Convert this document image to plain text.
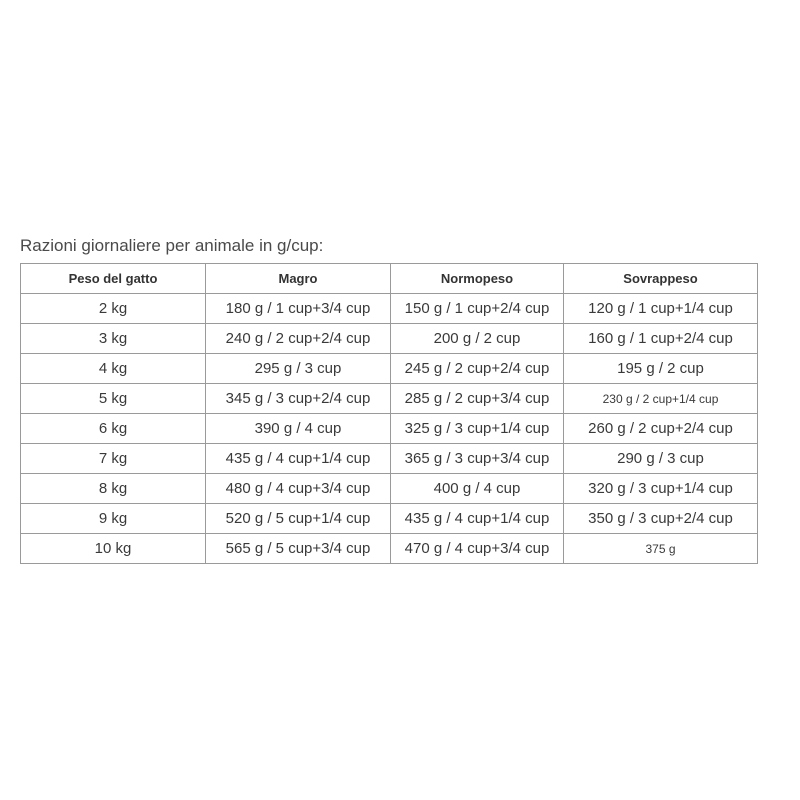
Razioni giornaliere per animale in g/cup:
Peso del gatto	Magro	Normopeso	Sovrappeso
2 kg	180 g / 1 cup+3/4 cup	150 g / 1 cup+2/4 cup	120 g / 1 cup+1/4 cup
3 kg	240 g / 2 cup+2/4 cup	200 g / 2 cup	160 g / 1 cup+2/4 cup
4 kg	295 g / 3 cup	245 g / 2 cup+2/4 cup	195 g / 2 cup
5 kg	345 g / 3 cup+2/4 cup	285 g / 2 cup+3/4 cup	230 g / 2 cup+1/4 cup
6 kg	390 g / 4 cup	325 g / 3 cup+1/4 cup	260 g / 2 cup+2/4 cup
7 kg	435 g / 4 cup+1/4 cup	365 g / 3 cup+3/4 cup	290 g / 3 cup
8 kg	480 g / 4 cup+3/4 cup	400 g / 4 cup	320 g / 3 cup+1/4 cup
9 kg	520 g / 5 cup+1/4 cup	435 g / 4 cup+1/4 cup	350 g / 3 cup+2/4 cup
10 kg	565 g / 5 cup+3/4 cup	470 g / 4 cup+3/4 cup	375 g
